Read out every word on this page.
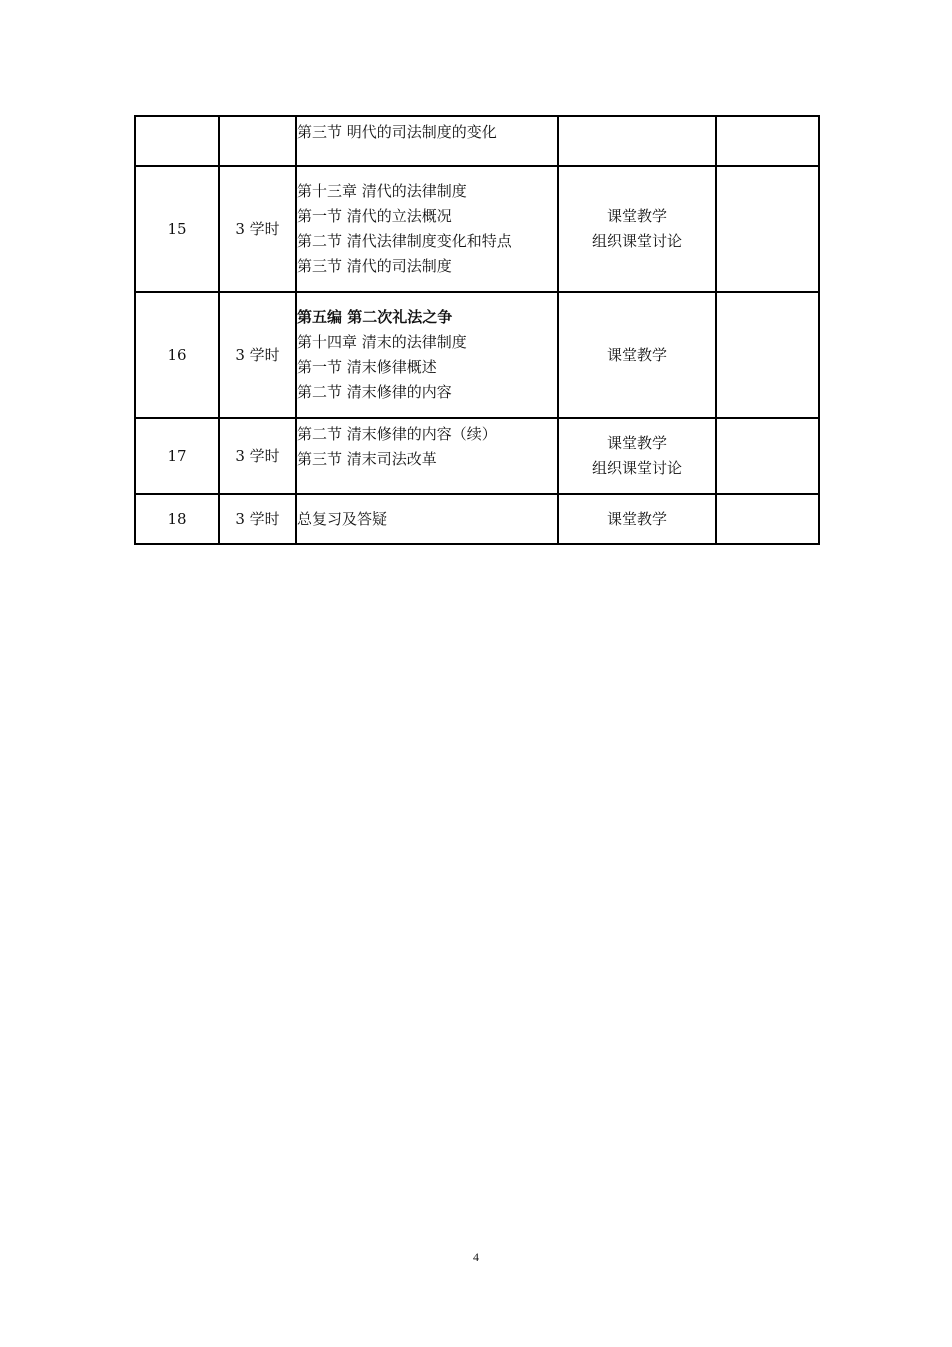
		第三节 明代的司法制度的变化		

15	3 学时	第十三章 清代的法律制度
第一节 清代的立法概况
第二节 清代法律制度变化和特点
第三节 清代的司法制度	课堂教学
组织课堂讨论	

16	3 学时	第五编 第二次礼法之争
第十四章 清末的法律制度
第一节 清末修律概述
第二节 清末修律的内容	课堂教学	

17	3 学时	第二节 清末修律的内容（续）
第三节 清末司法改革	课堂教学
组织课堂讨论	

18	3 学时	总复习及答疑	课堂教学	

4
